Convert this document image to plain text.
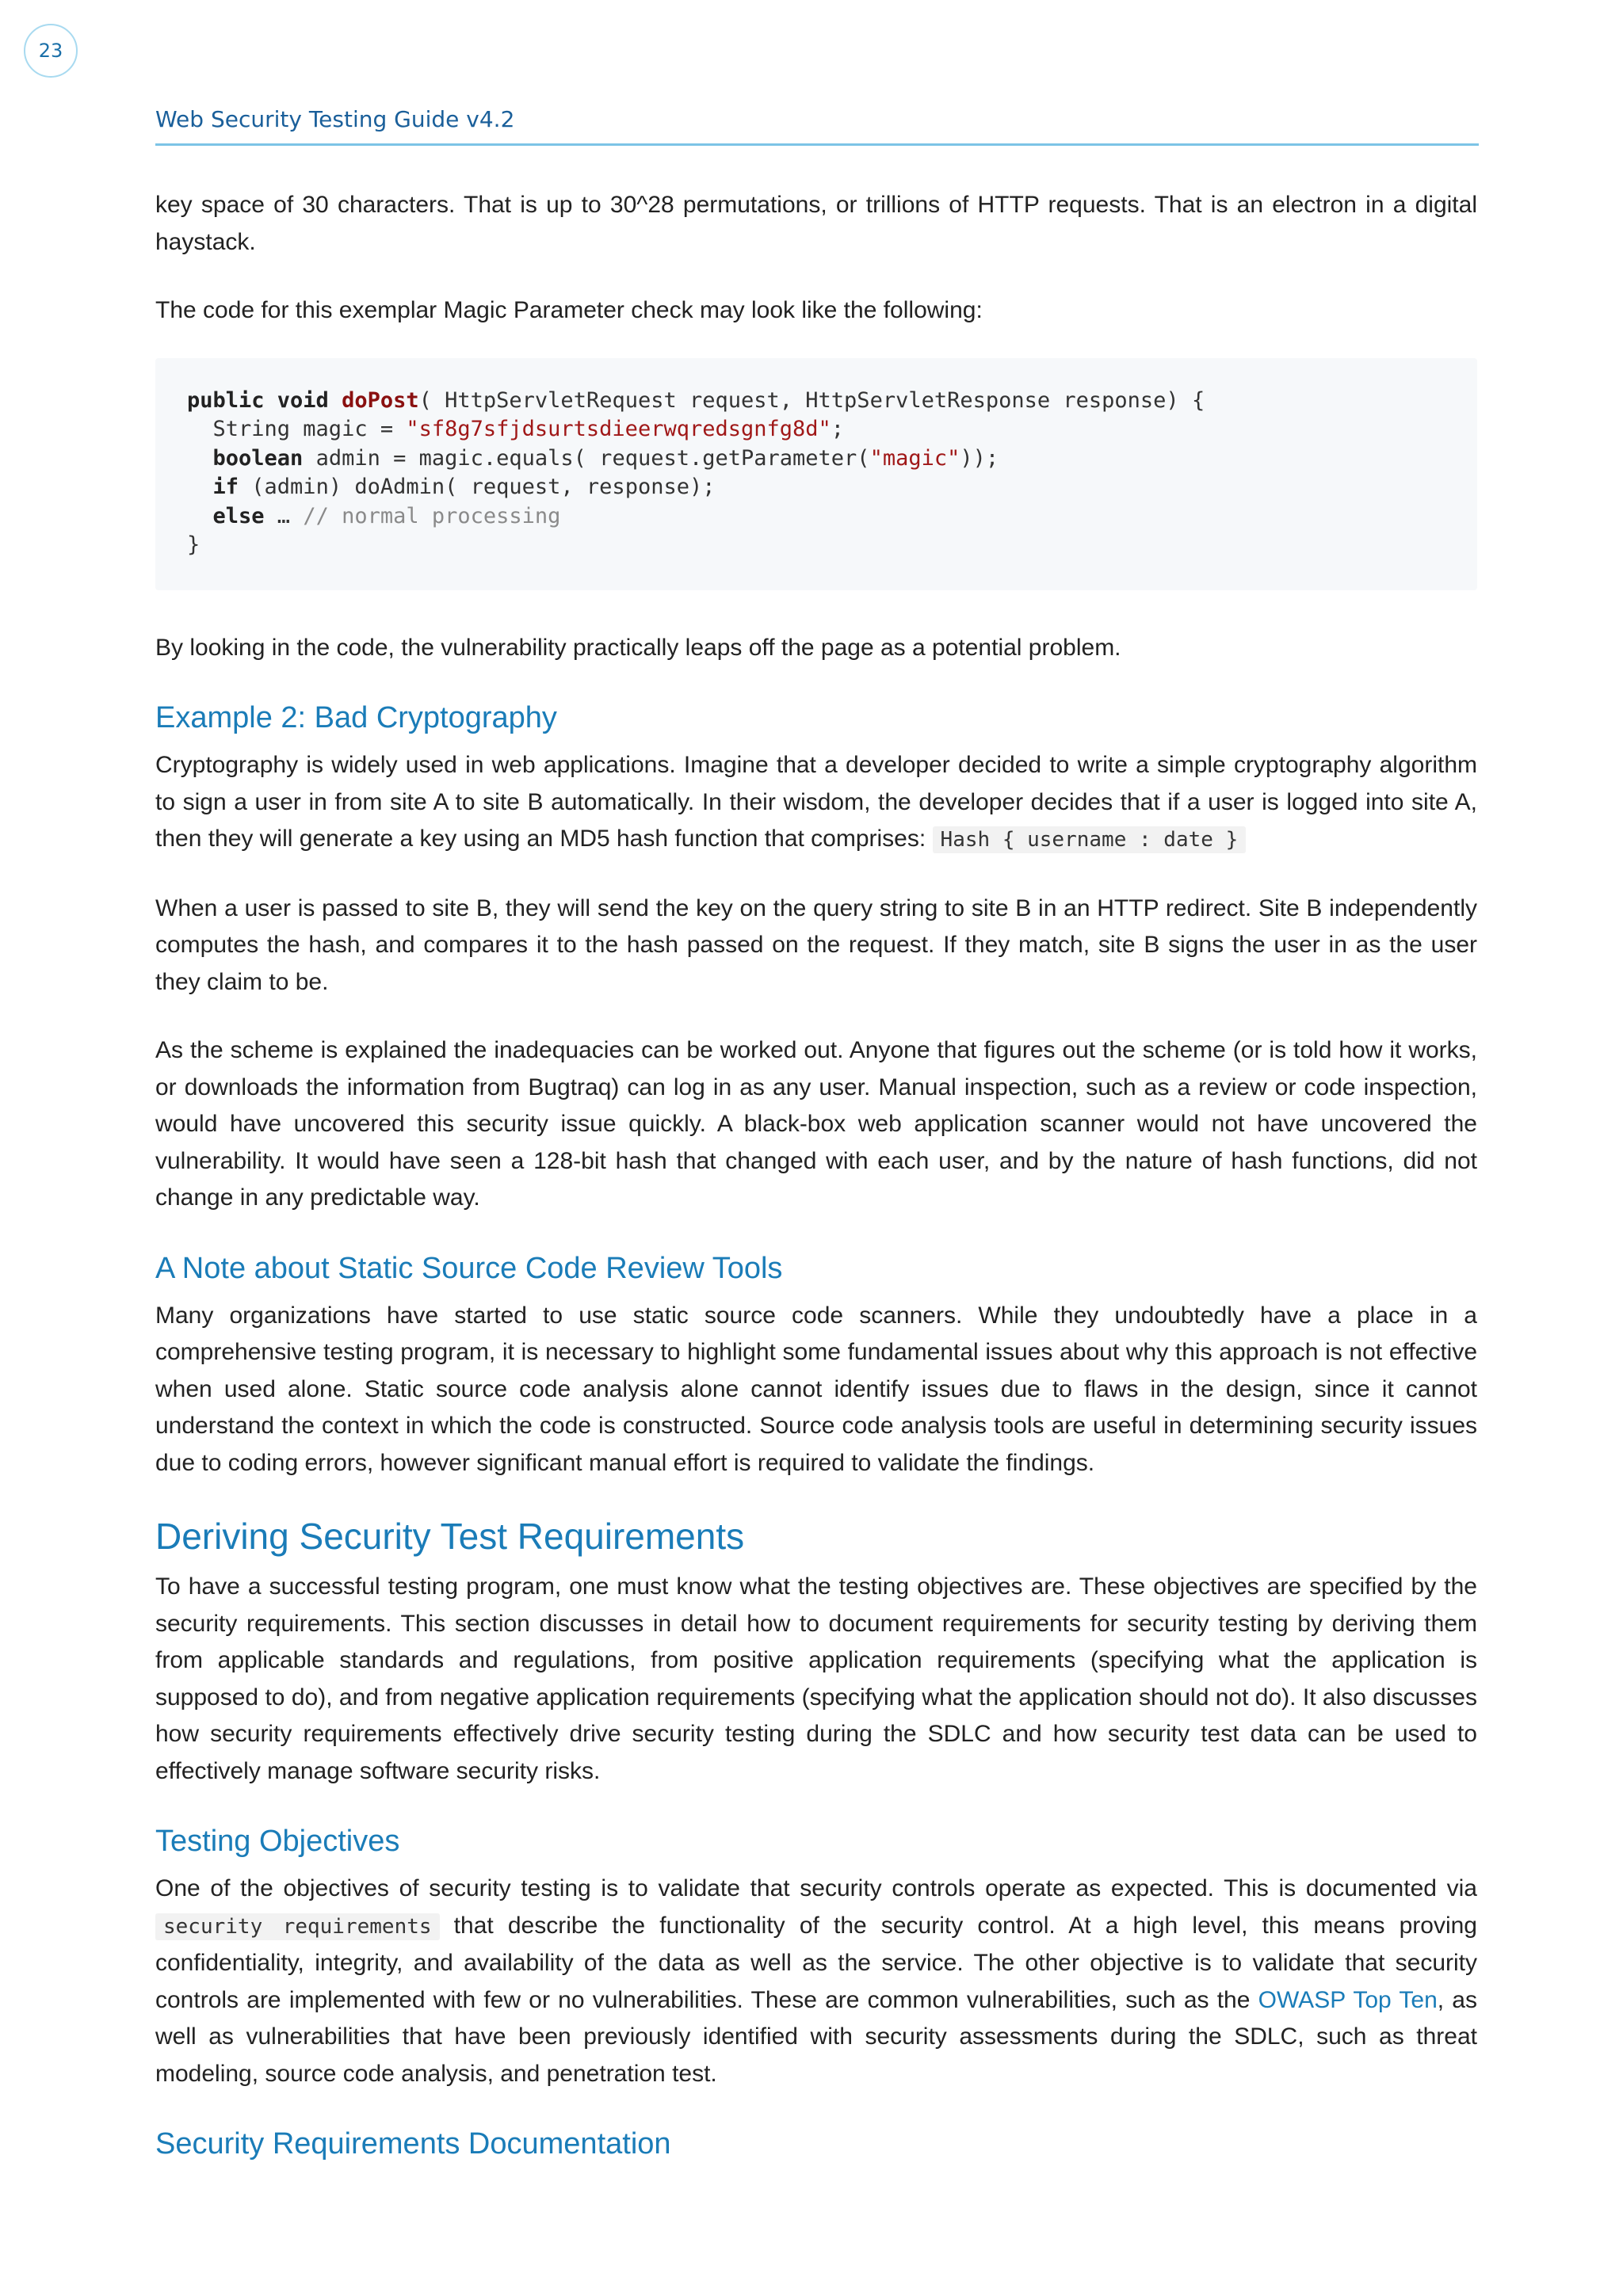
23
Web Security Testing Guide v4.2

key space of 30 characters. That is up to 30^28 permutations, or trillions of HTTP requests. That is an electron in a digital haystack.

The code for this exemplar Magic Parameter check may look like the following:

public void doPost( HttpServletRequest request, HttpServletResponse response) {
String magic = "sf8g7sfjdsurtsdieerwqredsgnfg8d";
boolean admin = magic.equals( request.getParameter("magic"));
if (admin) doAdmin( request, response);
else … // normal processing
}

By looking in the code, the vulnerability practically leaps off the page as a potential problem.

Example 2: Bad Cryptography

Cryptography is widely used in web applications. Imagine that a developer decided to write a simple cryptography algorithm to sign a user in from site A to site B automatically. In their wisdom, the developer decides that if a user is logged into site A, then they will generate a key using an MD5 hash function that comprises: Hash { username : date }

When a user is passed to site B, they will send the key on the query string to site B in an HTTP redirect. Site B independently computes the hash, and compares it to the hash passed on the request. If they match, site B signs the user in as the user they claim to be.

As the scheme is explained the inadequacies can be worked out. Anyone that figures out the scheme (or is told how it works, or downloads the information from Bugtraq) can log in as any user. Manual inspection, such as a review or code inspection, would have uncovered this security issue quickly. A black-box web application scanner would not have uncovered the vulnerability. It would have seen a 128-bit hash that changed with each user, and by the nature of hash functions, did not change in any predictable way.

A Note about Static Source Code Review Tools

Many organizations have started to use static source code scanners. While they undoubtedly have a place in a comprehensive testing program, it is necessary to highlight some fundamental issues about why this approach is not effective when used alone. Static source code analysis alone cannot identify issues due to flaws in the design, since it cannot understand the context in which the code is constructed. Source code analysis tools are useful in determining security issues due to coding errors, however significant manual effort is required to validate the findings.

Deriving Security Test Requirements

To have a successful testing program, one must know what the testing objectives are. These objectives are specified by the security requirements. This section discusses in detail how to document requirements for security testing by deriving them from applicable standards and regulations, from positive application requirements (specifying what the application is supposed to do), and from negative application requirements (specifying what the application should not do). It also discusses how security requirements effectively drive security testing during the SDLC and how security test data can be used to effectively manage software security risks.

Testing Objectives

One of the objectives of security testing is to validate that security controls operate as expected. This is documented via security requirements that describe the functionality of the security control. At a high level, this means proving confidentiality, integrity, and availability of the data as well as the service. The other objective is to validate that security controls are implemented with few or no vulnerabilities. These are common vulnerabilities, such as the OWASP Top Ten, as well as vulnerabilities that have been previously identified with security assessments during the SDLC, such as threat modeling, source code analysis, and penetration test.

Security Requirements Documentation
